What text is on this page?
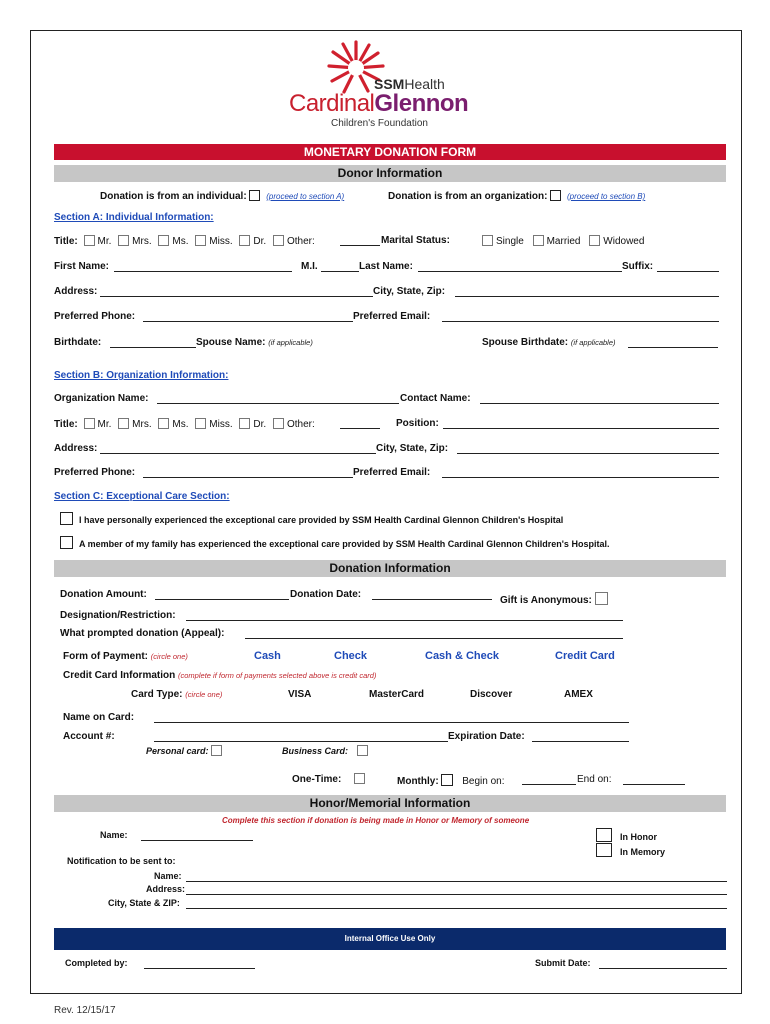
SSMHealth
CardinalGlennon
Children's Foundation
MONETARY DONATION FORM
Donor Information
Donation is from an individual: (proceed to section A)	Donation is from an organization: (proceed to section B)
Section A: Individual Information:
Title: Mr. Mrs. Ms. Miss. Dr. Other:	Marital Status:	Single Married Widowed
First Name:	M.I.	Last Name:	Suffix:
Address:	City, State, Zip:
Preferred Phone:	Preferred Email:
Birthdate:	Spouse Name: (if applicable)	Spouse Birthdate: (if applicable)
Section B: Organization Information:
Organization Name:	Contact Name:
Title: Mr. Mrs. Ms. Miss. Dr. Other:	Position:
Address:	City, State, Zip:
Preferred Phone:	Preferred Email:
Section C: Exceptional Care Section:
I have personally experienced the exceptional care provided by SSM Health Cardinal Glennon Children's Hospital
A member of my family has experienced the exceptional care provided by SSM Health Cardinal Glennon Children's Hospital.
Donation Information
Donation Amount:	Donation Date:
Gift is Anonymous:
Designation/Restriction:
What prompted donation (Appeal):
Form of Payment: (circle one)	Cash	Check	Cash & Check	Credit Card
Credit Card Information (complete if form of payments selected above is credit card)
Card Type: (circle one)	VISA	MasterCard	Discover	AMEX
Name on Card:
Account #:	Expiration Date:
Personal card:	Business Card:
One-Time:	Monthly: Begin on:	End on:
Honor/Memorial Information
Complete this section if donation is being made in Honor or Memory of someone
Name:	In Honor
In Memory
Notification to be sent to:
Name:
Address:
City, State & ZIP:
Internal Office Use Only
Completed by:	Submit Date:
Rev. 12/15/17
